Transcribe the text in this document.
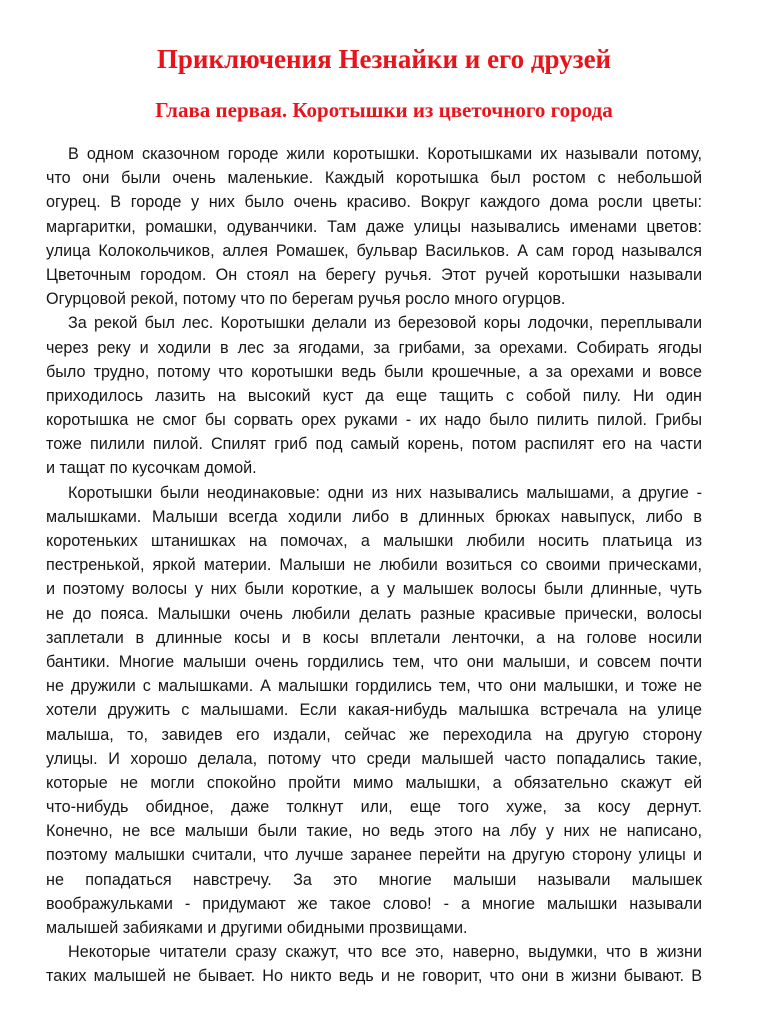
Приключения Незнайки и его друзей
Глава первая. Коротышки из цветочного города
В одном сказочном городе жили коротышки. Коротышками их называли потому,
что они были очень маленькие. Каждый коротышка был ростом с небольшой
огурец. В городе у них было очень красиво. Вокруг каждого дома росли цветы:
маргаритки, ромашки, одуванчики. Там даже улицы назывались именами цветов:
улица Колокольчиков, аллея Ромашек, бульвар Васильков. А сам город назывался
Цветочным городом. Он стоял на берегу ручья. Этот ручей коротышки называли
Огурцовой рекой, потому что по берегам ручья росло много огурцов.
За рекой был лес. Коротышки делали из березовой коры лодочки, переплывали
через реку и ходили в лес за ягодами, за грибами, за орехами. Собирать ягоды
было трудно, потому что коротышки ведь были крошечные, а за орехами и вовсе
приходилось лазить на высокий куст да еще тащить с собой пилу. Ни один
коротышка не смог бы сорвать орех руками - их надо было пилить пилой. Грибы
тоже пилили пилой. Спилят гриб под самый корень, потом распилят его на части
и тащат по кусочкам домой.
Коротышки были неодинаковые: одни из них назывались малышами, а другие -
малышками. Малыши всегда ходили либо в длинных брюках навыпуск, либо в
коротеньких штанишках на помочах, а малышки любили носить платьица из
пестренькой, яркой материи. Малыши не любили возиться со своими прическами,
и поэтому волосы у них были короткие, а у малышек волосы были длинные, чуть
не до пояса. Малышки очень любили делать разные красивые прически, волосы
заплетали в длинные косы и в косы вплетали ленточки, а на голове носили
бантики. Многие малыши очень гордились тем, что они малыши, и совсем почти
не дружили с малышками. А малышки гордились тем, что они малышки, и тоже не
хотели дружить с малышами. Если какая-нибудь малышка встречала на улице
малыша, то, завидев его издали, сейчас же переходила на другую сторону
улицы. И хорошо делала, потому что среди малышей часто попадались такие,
которые не могли спокойно пройти мимо малышки, а обязательно скажут ей
что-нибудь обидное, даже толкнут или, еще того хуже, за косу дернут.
Конечно, не все малыши были такие, но ведь этого на лбу у них не написано,
поэтому малышки считали, что лучше заранее перейти на другую сторону улицы и
не попадаться навстречу. За это многие малыши называли малышек
воображульками - придумают же такое слово! - а многие малышки называли
малышей забияками и другими обидными прозвищами.
Некоторые читатели сразу скажут, что все это, наверно, выдумки, что в жизни
таких малышей не бывает. Но никто ведь и не говорит, что они в жизни бывают. В
